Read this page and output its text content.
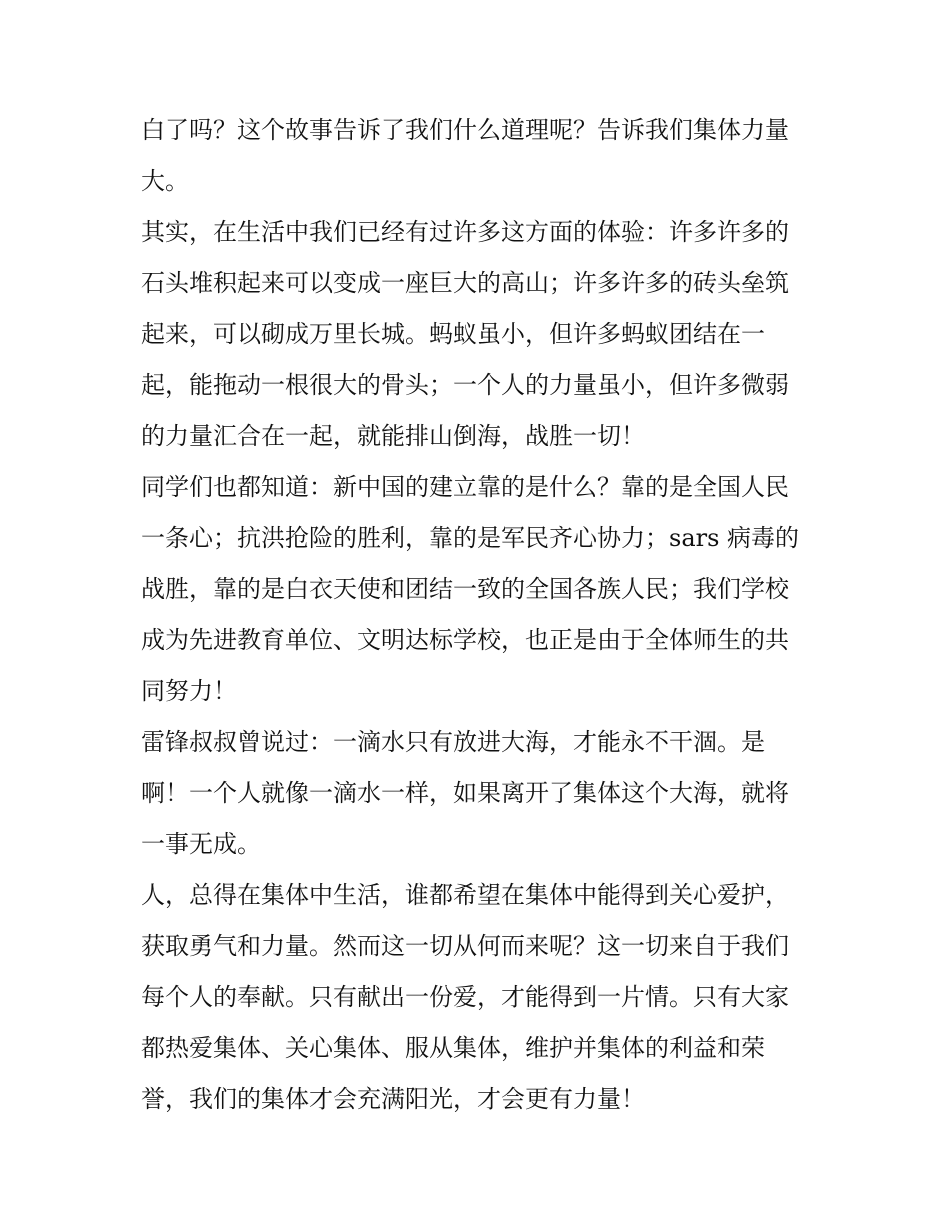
白了吗？这个故事告诉了我们什么道理呢？告诉我们集体力量
大。
其实，在生活中我们已经有过许多这方面的体验：许多许多的
石头堆积起来可以变成一座巨大的高山；许多许多的砖头垒筑
起来，可以砌成万里长城。蚂蚁虽小，但许多蚂蚁团结在一
起，能拖动一根很大的骨头；一个人的力量虽小，但许多微弱
的力量汇合在一起，就能排山倒海，战胜一切！
同学们也都知道：新中国的建立靠的是什么？靠的是全国人民
一条心；抗洪抢险的胜利，靠的是军民齐心协力；sars 病毒的
战胜，靠的是白衣天使和团结一致的全国各族人民；我们学校
成为先进教育单位、文明达标学校，也正是由于全体师生的共
同努力！
雷锋叔叔曾说过：一滴水只有放进大海，才能永不干涸。是
啊！一个人就像一滴水一样，如果离开了集体这个大海，就将
一事无成。
人，总得在集体中生活，谁都希望在集体中能得到关心爱护，
获取勇气和力量。然而这一切从何而来呢？这一切来自于我们
每个人的奉献。只有献出一份爱，才能得到一片情。只有大家
都热爱集体、关心集体、服从集体，维护并集体的利益和荣
誉，我们的集体才会充满阳光，才会更有力量！
